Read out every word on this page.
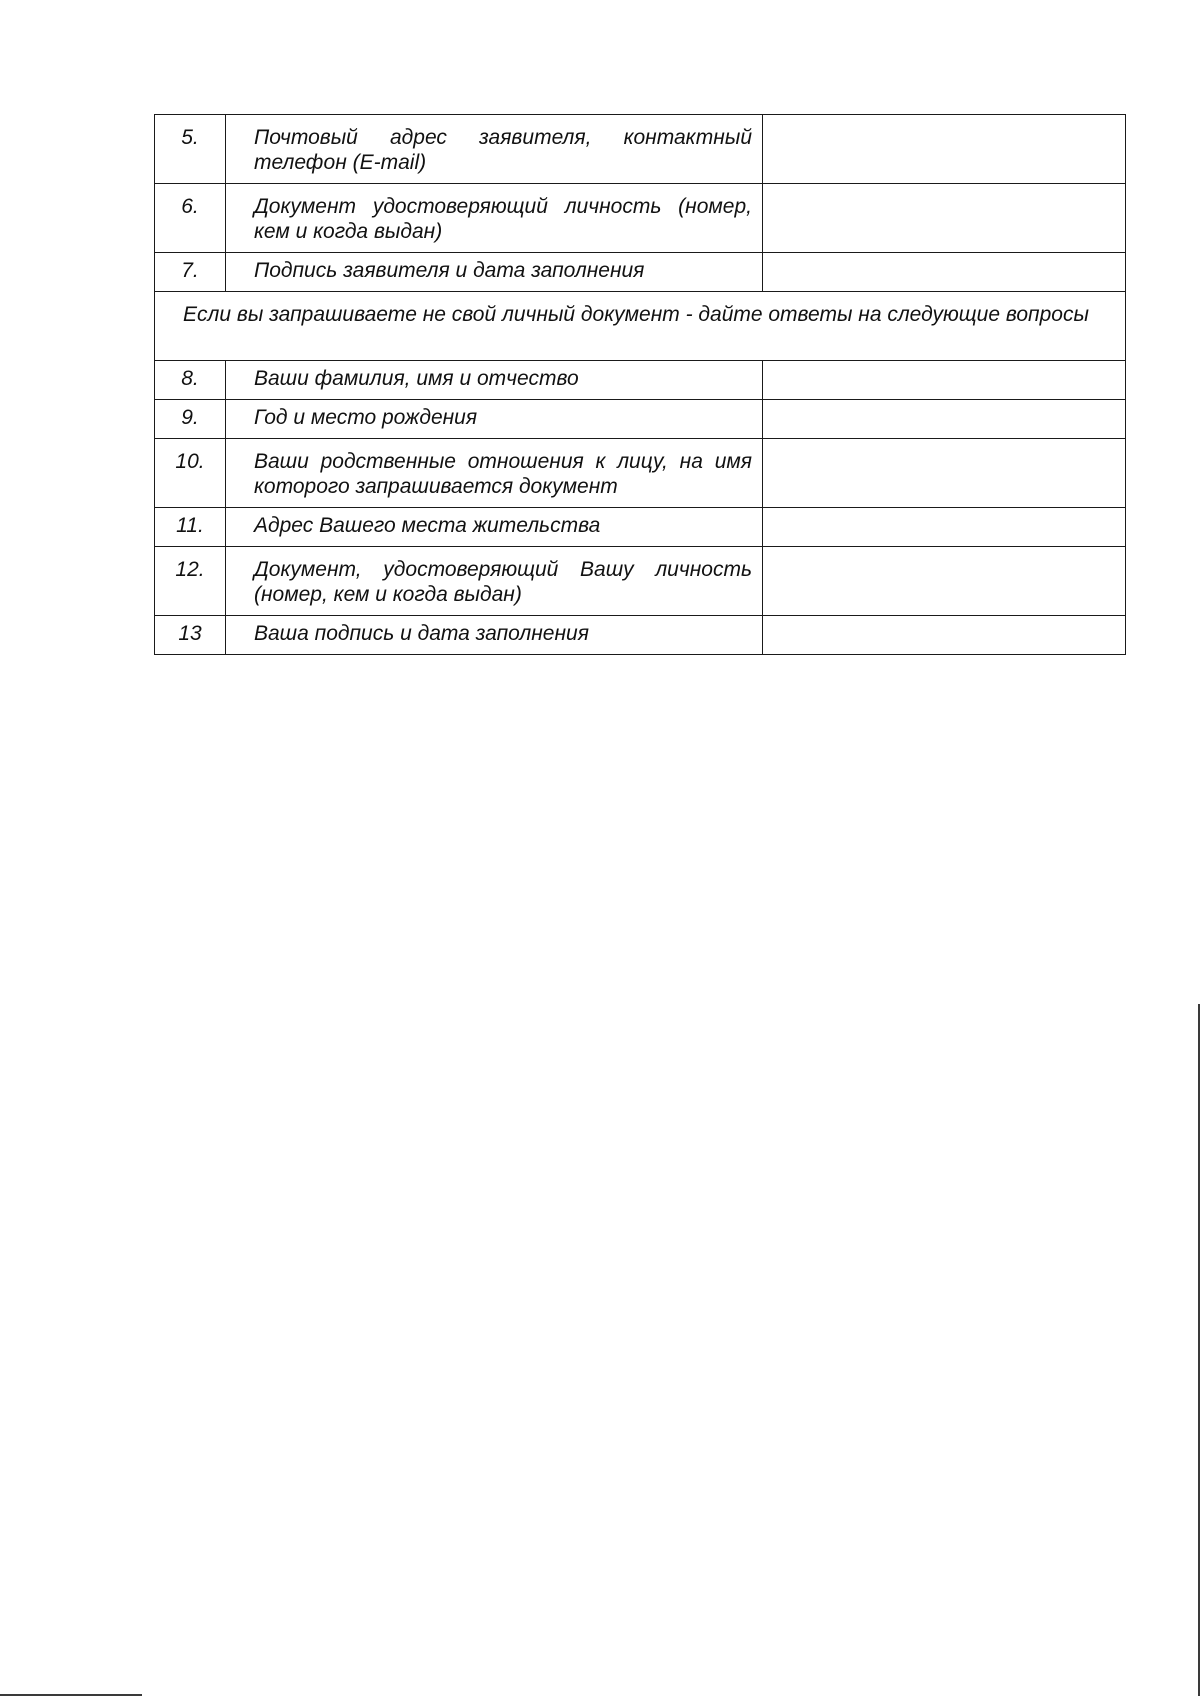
5.	Почтовый адрес заявителя, контактный телефон (E-mail)	
6.	Документ удостоверяющий личность (номер, кем и когда выдан)	
7.	Подпись заявителя и дата заполнения	
Если вы запрашиваете не свой личный документ - дайте ответы на следующие вопросы		
8.	Ваши фамилия, имя и отчество	
9.	Год и место рождения	
10.	Ваши родственные отношения к лицу, на имя которого запрашивается документ	
11.	Адрес Вашего места жительства	
12.	Документ, удостоверяющий Вашу личность (номер, кем и когда выдан)	
13	Ваша подпись и дата заполнения	
